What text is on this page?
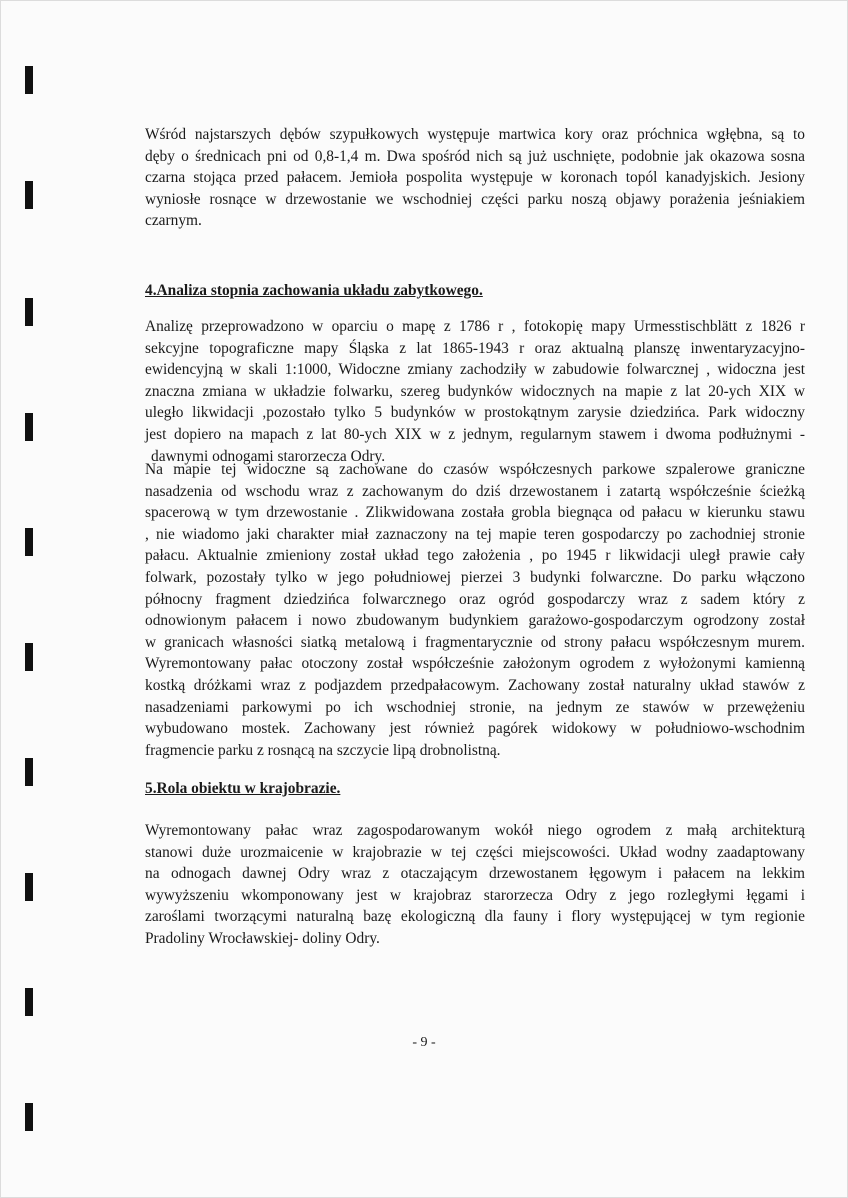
Wśród najstarszych dębów szypułkowych występuje martwica kory oraz próchnica wgłębna, są to
dęby o średnicach pni od 0,8-1,4 m. Dwa spośród nich są już uschnięte, podobnie jak okazowa sosna
czarna stojąca przed pałacem. Jemioła pospolita występuje w koronach topól kanadyjskich. Jesiony
wyniosłe rosnące w drzewostanie we wschodniej części parku noszą objawy porażenia jeśniakiem
czarnym.

4.Analiza stopnia zachowania układu zabytkowego.

Analizę przeprowadzono w oparciu o mapę z 1786 r , fotokopię mapy Urmesstischblätt z 1826 r
sekcyjne topograficzne mapy Śląska z lat 1865-1943 r oraz aktualną planszę inwentaryzacyjno-
ewidencyjną w skali 1:1000, Widoczne zmiany zachodziły w zabudowie folwarcznej , widoczna jest
znaczna zmiana w układzie folwarku, szereg budynków widocznych na mapie z lat 20-ych XIX w
uległo likwidacji ,pozostało tylko 5 budynków w prostokątnym zarysie dziedzińca. Park widoczny
jest dopiero na mapach z lat 80-ych XIX w z jednym, regularnym stawem i dwoma podłużnymi -
dawnymi odnogami starorzecza Odry.

Na mapie tej widoczne są zachowane do czasów współczesnych parkowe szpalerowe graniczne
nasadzenia od wschodu wraz z zachowanym do dziś drzewostanem i zatartą współcześnie ścieżką
spacerową w tym drzewostanie . Zlikwidowana została grobla biegnąca od pałacu w kierunku stawu
, nie wiadomo jaki charakter miał zaznaczony na tej mapie teren gospodarczy po zachodniej stronie
pałacu. Aktualnie zmieniony został układ tego założenia , po 1945 r likwidacji uległ prawie cały
folwark, pozostały tylko w jego południowej pierzei 3 budynki folwarczne. Do parku włączono
północny fragment dziedzińca folwarcznego oraz ogród gospodarczy wraz z sadem który z
odnowionym pałacem i nowo zbudowanym budynkiem garażowo-gospodarczym ogrodzony został
w granicach własności siatką metalową i fragmentarycznie od strony pałacu współczesnym murem.
Wyremontowany pałac otoczony został współcześnie założonym ogrodem z wyłożonymi kamienną
kostką dróżkami wraz z podjazdem przedpałacowym. Zachowany został naturalny układ stawów z
nasadzeniami parkowymi po ich wschodniej stronie, na jednym ze stawów w przewężeniu
wybudowano mostek. Zachowany jest również pagórek widokowy w południowo-wschodnim
fragmencie parku z rosnącą na szczycie lipą drobnolistną.

5.Rola obiektu w krajobrazie.

Wyremontowany pałac wraz zagospodarowanym wokół niego ogrodem z małą architekturą
stanowi duże urozmaicenie w krajobrazie w tej części miejscowości. Układ wodny zaadaptowany
na odnogach dawnej Odry wraz z otaczającym drzewostanem łęgowym i pałacem na lekkim
wywyższeniu wkomponowany jest w krajobraz starorzecza Odry z jego rozległymi łęgami i
zaroślami tworzącymi naturalną bazę ekologiczną dla fauny i flory występującej w tym regionie
Pradoliny Wrocławskiej- doliny Odry.

- 9 -
